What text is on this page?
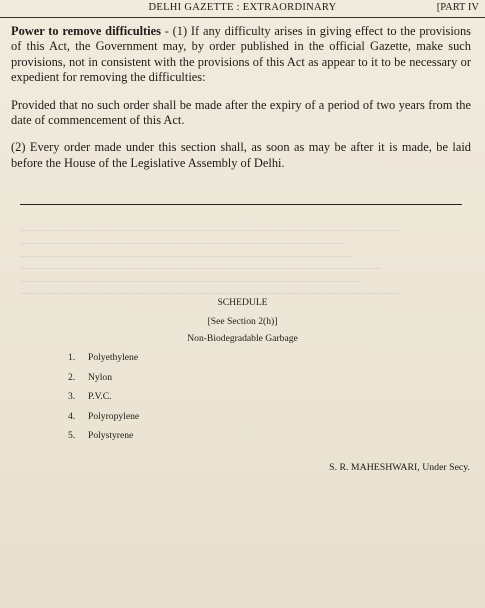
DELHI GAZETTE : EXTRAORDINARY	[PART IV

————————————————————————————————————————
——————————————————————————————————
———————————————————————————————————
——————————————————————————————————————
————————————————————————————————————
————————————————————————————————————————

Power to remove difficulties - (1) If any difficulty arises in giving effect to the provisions of this Act, the Government may, by order published in the official Gazette, make such provisions, not in consistent with the provisions of this Act as appear to it to be necessary or expedient for removing the difficulties:

Provided that no such order shall be made after the expiry of a period of two years from the date of commencement of this Act.

(2) Every order made under this section shall, as soon as may be after it is made, be laid before the House of the Legislative Assembly of Delhi.

SCHEDULE
[See Section 2(h)]
Non-Biodegradable Garbage
1.	Polyethylene
2.	Nylon
3.	P.V.C.
4.	Polyropylene
5.	Polystyrene
S. R. MAHESHWARI, Under Secy.
